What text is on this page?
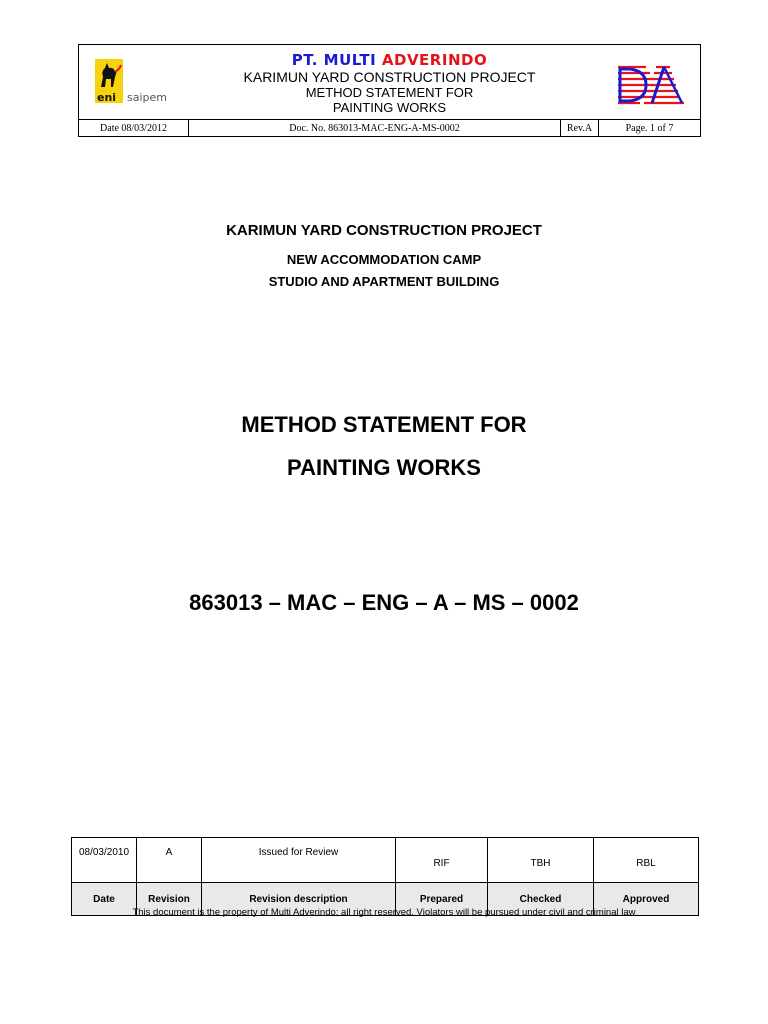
eni saipem
PT. MULTI ADVERINDO
KARIMUN YARD CONSTRUCTION PROJECT
METHOD STATEMENT FOR
PAINTING WORKS

Date 08/03/2012	Doc. No. 863013-MAC-ENG-A-MS-0002	Rev.A	Page. 1 of 7
KARIMUN YARD CONSTRUCTION PROJECT
NEW ACCOMMODATION CAMP
STUDIO AND APARTMENT BUILDING
METHOD STATEMENT FOR
PAINTING WORKS
863013 – MAC – ENG – A – MS – 0002
08/03/2010	A	Issued for Review	RIF	TBH	RBL
Date	Revision	Revision description	Prepared	Checked	Approved
This document is the property of Multi Adverindo; all right reserved. Violators will be pursued under civil and criminal law
